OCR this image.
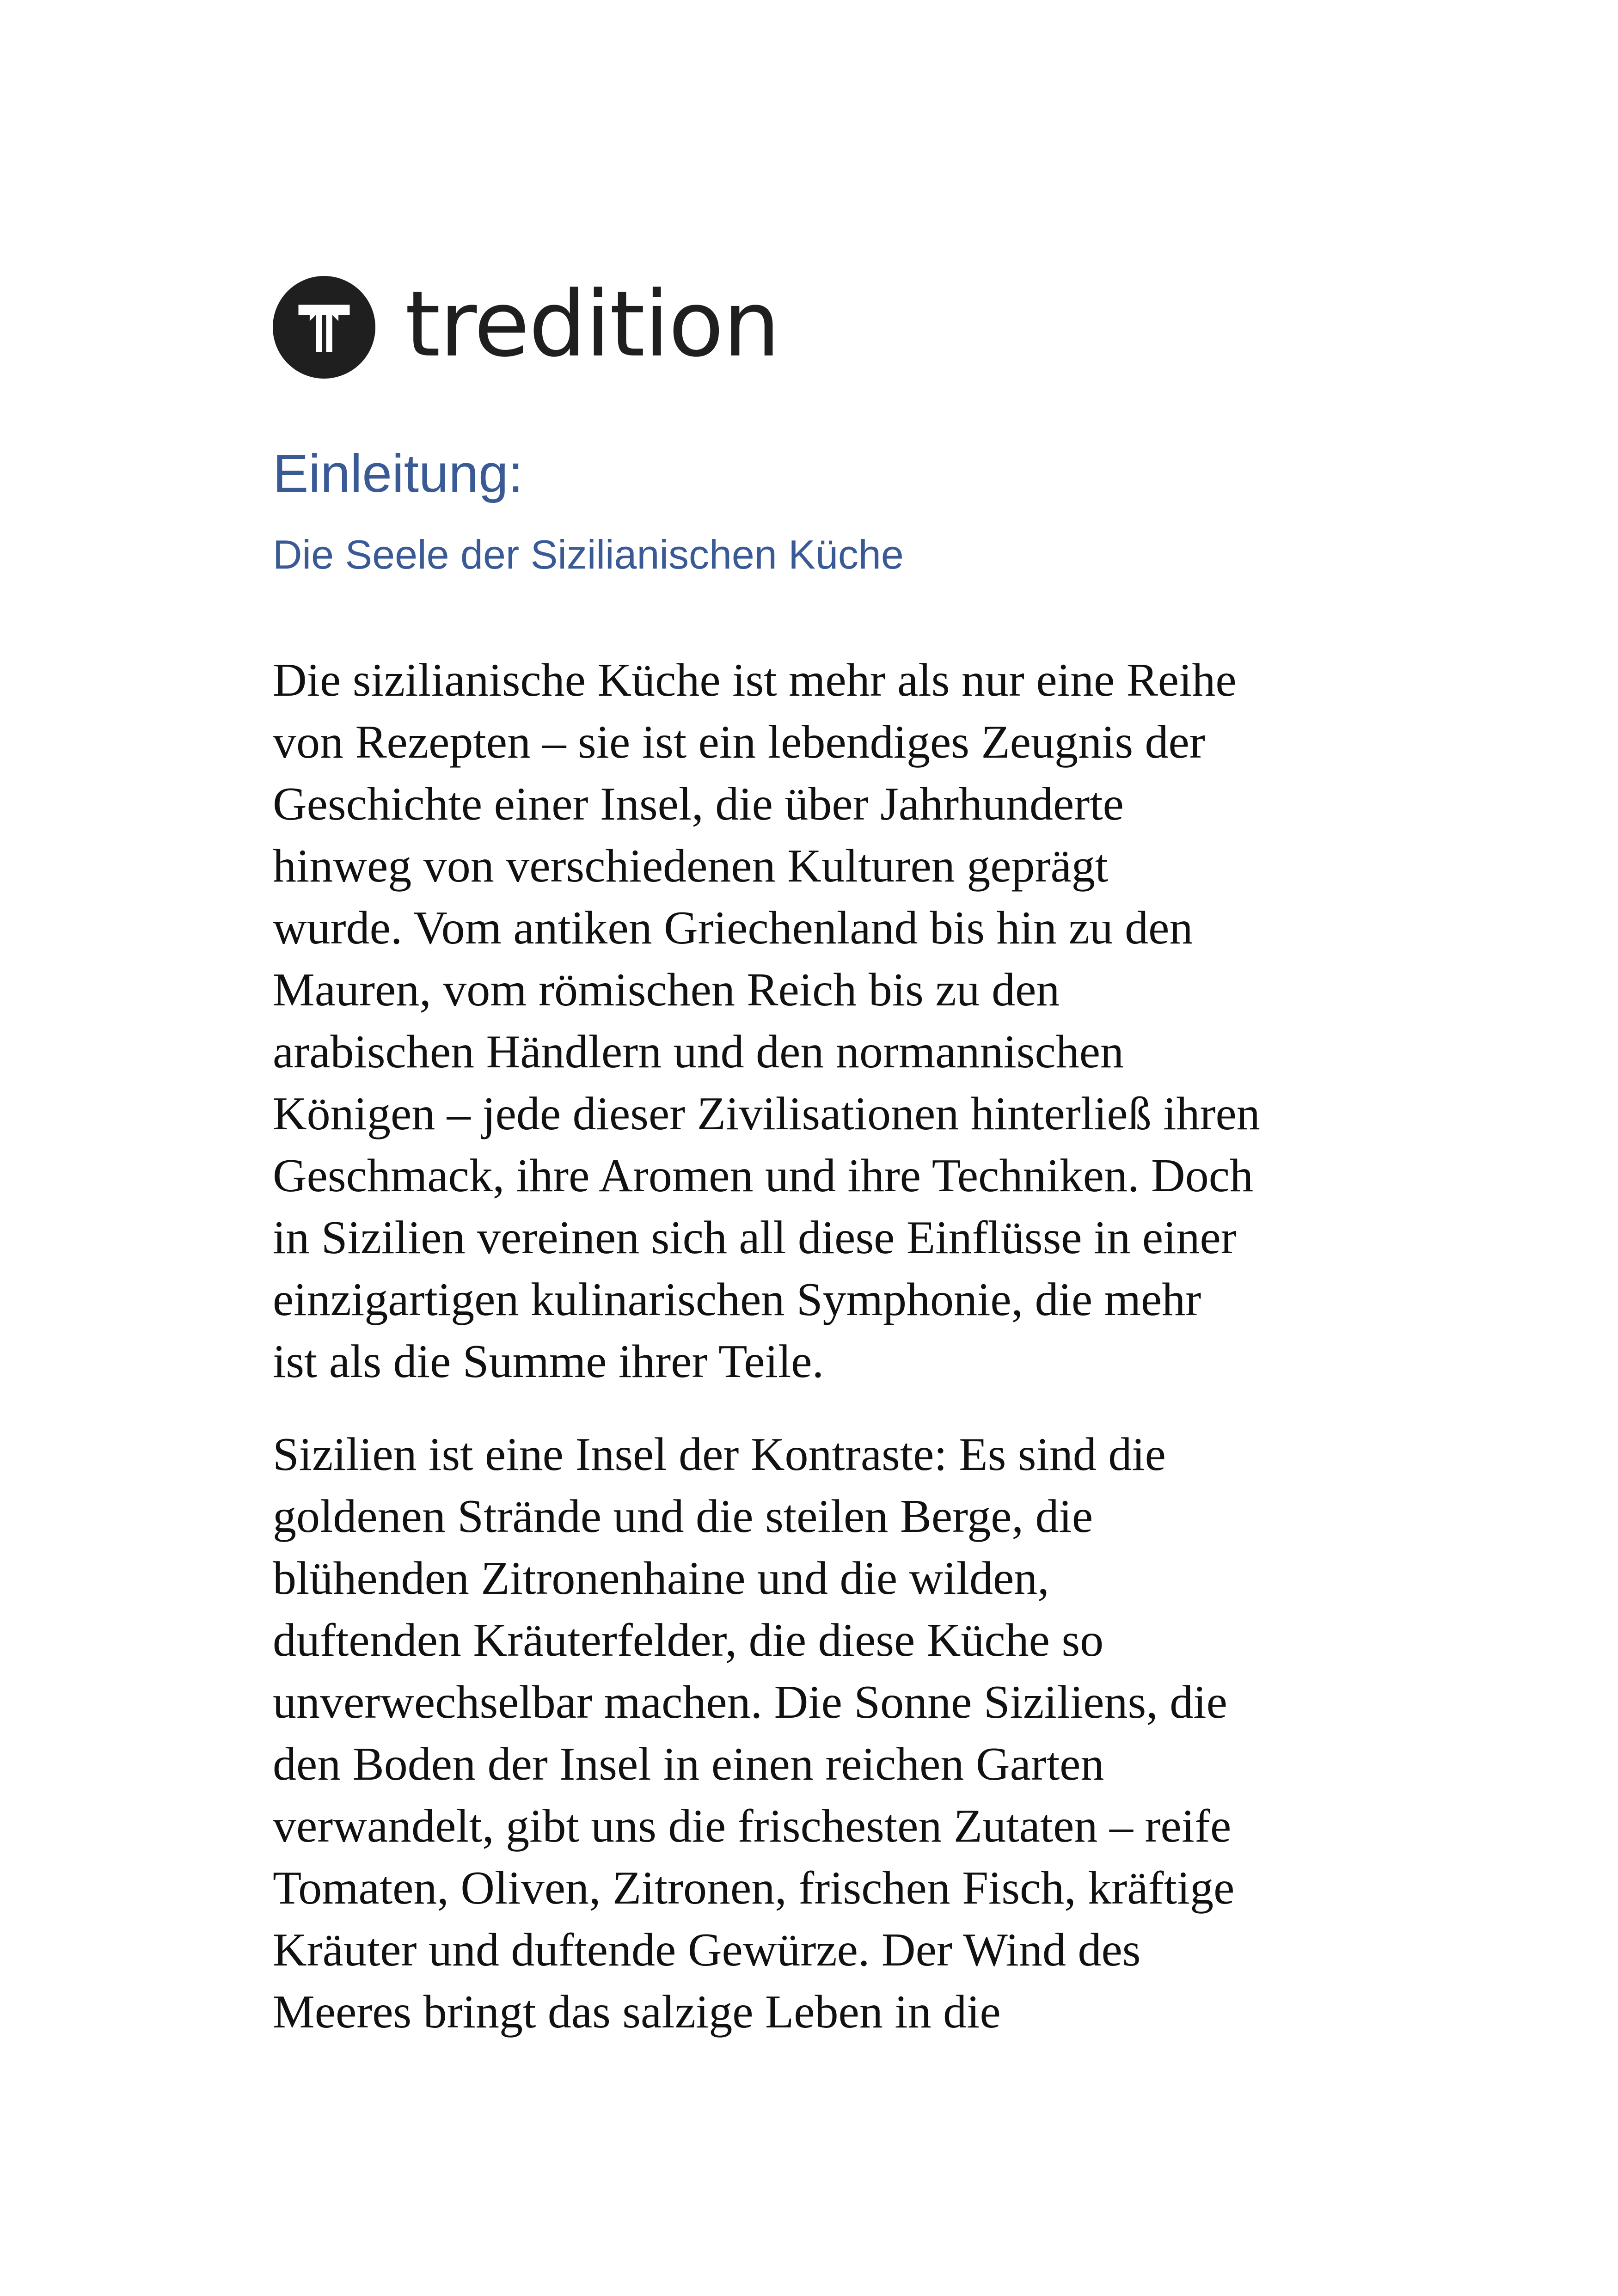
tredition
Einleitung:
Die Seele der Sizilianischen Küche

Die sizilianische Küche ist mehr als nur eine Reihe
von Rezepten – sie ist ein lebendiges Zeugnis der
Geschichte einer Insel, die über Jahrhunderte
hinweg von verschiedenen Kulturen geprägt
wurde. Vom antiken Griechenland bis hin zu den
Mauren, vom römischen Reich bis zu den
arabischen Händlern und den normannischen
Königen – jede dieser Zivilisationen hinterließ ihren
Geschmack, ihre Aromen und ihre Techniken. Doch
in Sizilien vereinen sich all diese Einflüsse in einer
einzigartigen kulinarischen Symphonie, die mehr
ist als die Summe ihrer Teile.

Sizilien ist eine Insel der Kontraste: Es sind die
goldenen Strände und die steilen Berge, die
blühenden Zitronenhaine und die wilden,
duftenden Kräuterfelder, die diese Küche so
unverwechselbar machen. Die Sonne Siziliens, die
den Boden der Insel in einen reichen Garten
verwandelt, gibt uns die frischesten Zutaten – reife
Tomaten, Oliven, Zitronen, frischen Fisch, kräftige
Kräuter und duftende Gewürze. Der Wind des
Meeres bringt das salzige Leben in die
